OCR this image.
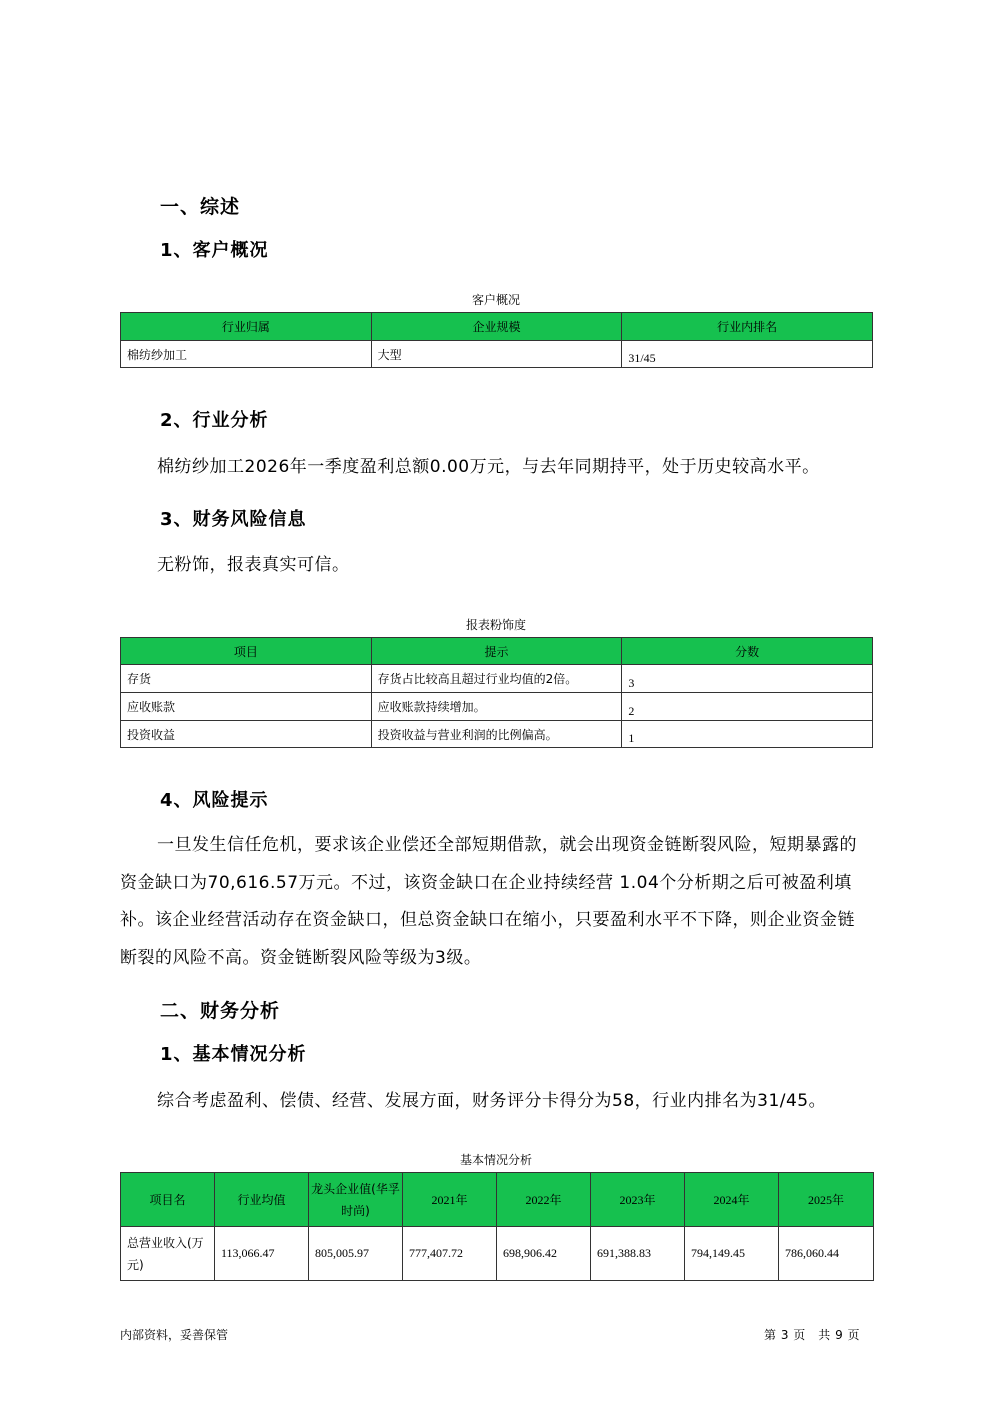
一、综述
1、客户概况
客户概况
行业归属	企业规模	行业内排名
棉纺纱加工	大型	31/45
2、行业分析
棉纺纱加工2026年一季度盈利总额0.00万元，与去年同期持平，处于历史较高水平。
3、财务风险信息
无粉饰，报表真实可信。
报表粉饰度
项目	提示	分数
存货	存货占比较高且超过行业均值的2倍。	3
应收账款	应收账款持续增加。	2
投资收益	投资收益与营业利润的比例偏高。	1
4、风险提示
一旦发生信任危机，要求该企业偿还全部短期借款，就会出现资金链断裂风险，短期暴露的资金缺口为70,616.57万元。不过，该资金缺口在企业持续经营 1.04个分析期之后可被盈利填补。该企业经营活动存在资金缺口，但总资金缺口在缩小，只要盈利水平不下降，则企业资金链断裂的风险不高。资金链断裂风险等级为3级。
二、财务分析
1、基本情况分析
综合考虑盈利、偿债、经营、发展方面，财务评分卡得分为58，行业内排名为31/45。
基本情况分析
项目名	行业均值	龙头企业值(华孚时尚)	2021年	2022年	2023年	2024年	2025年
总营业收入(万元)	113,066.47	805,005.97	777,407.72	698,906.42	691,388.83	794,149.45	786,060.44
内部资料，妥善保管	第 3 页　共 9 页
